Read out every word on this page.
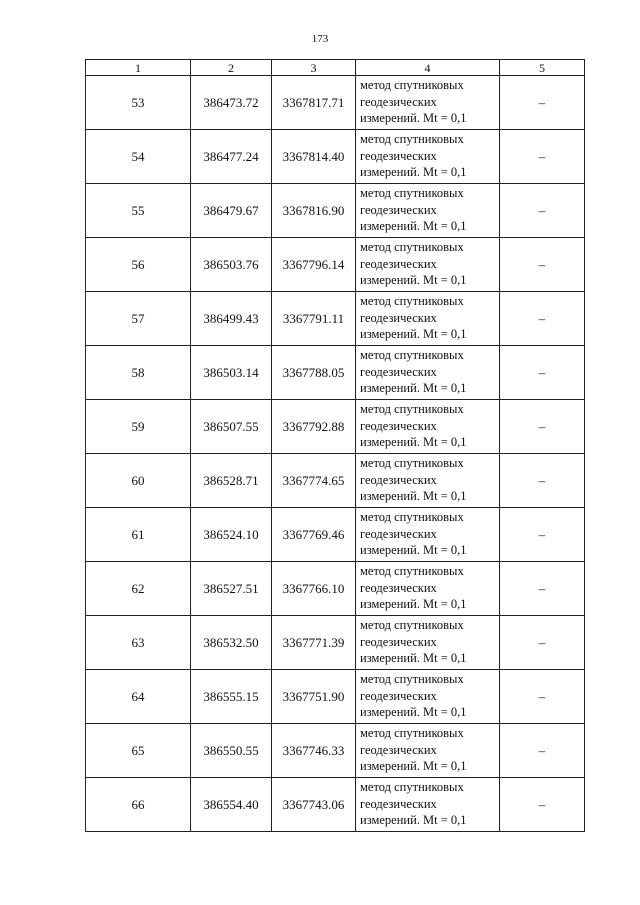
173
1	2	3	4	5
53	386473.72	3367817.71	метод спутниковых
геодезических
измерений. Mt = 0,1	–
54	386477.24	3367814.40	метод спутниковых
геодезических
измерений. Mt = 0,1	–
55	386479.67	3367816.90	метод спутниковых
геодезических
измерений. Mt = 0,1	–
56	386503.76	3367796.14	метод спутниковых
геодезических
измерений. Mt = 0,1	–
57	386499.43	3367791.11	метод спутниковых
геодезических
измерений. Mt = 0,1	–
58	386503.14	3367788.05	метод спутниковых
геодезических
измерений. Mt = 0,1	–
59	386507.55	3367792.88	метод спутниковых
геодезических
измерений. Mt = 0,1	–
60	386528.71	3367774.65	метод спутниковых
геодезических
измерений. Mt = 0,1	–
61	386524.10	3367769.46	метод спутниковых
геодезических
измерений. Mt = 0,1	–
62	386527.51	3367766.10	метод спутниковых
геодезических
измерений. Mt = 0,1	–
63	386532.50	3367771.39	метод спутниковых
геодезических
измерений. Mt = 0,1	–
64	386555.15	3367751.90	метод спутниковых
геодезических
измерений. Mt = 0,1	–
65	386550.55	3367746.33	метод спутниковых
геодезических
измерений. Mt = 0,1	–
66	386554.40	3367743.06	метод спутниковых
геодезических
измерений. Mt = 0,1	–
